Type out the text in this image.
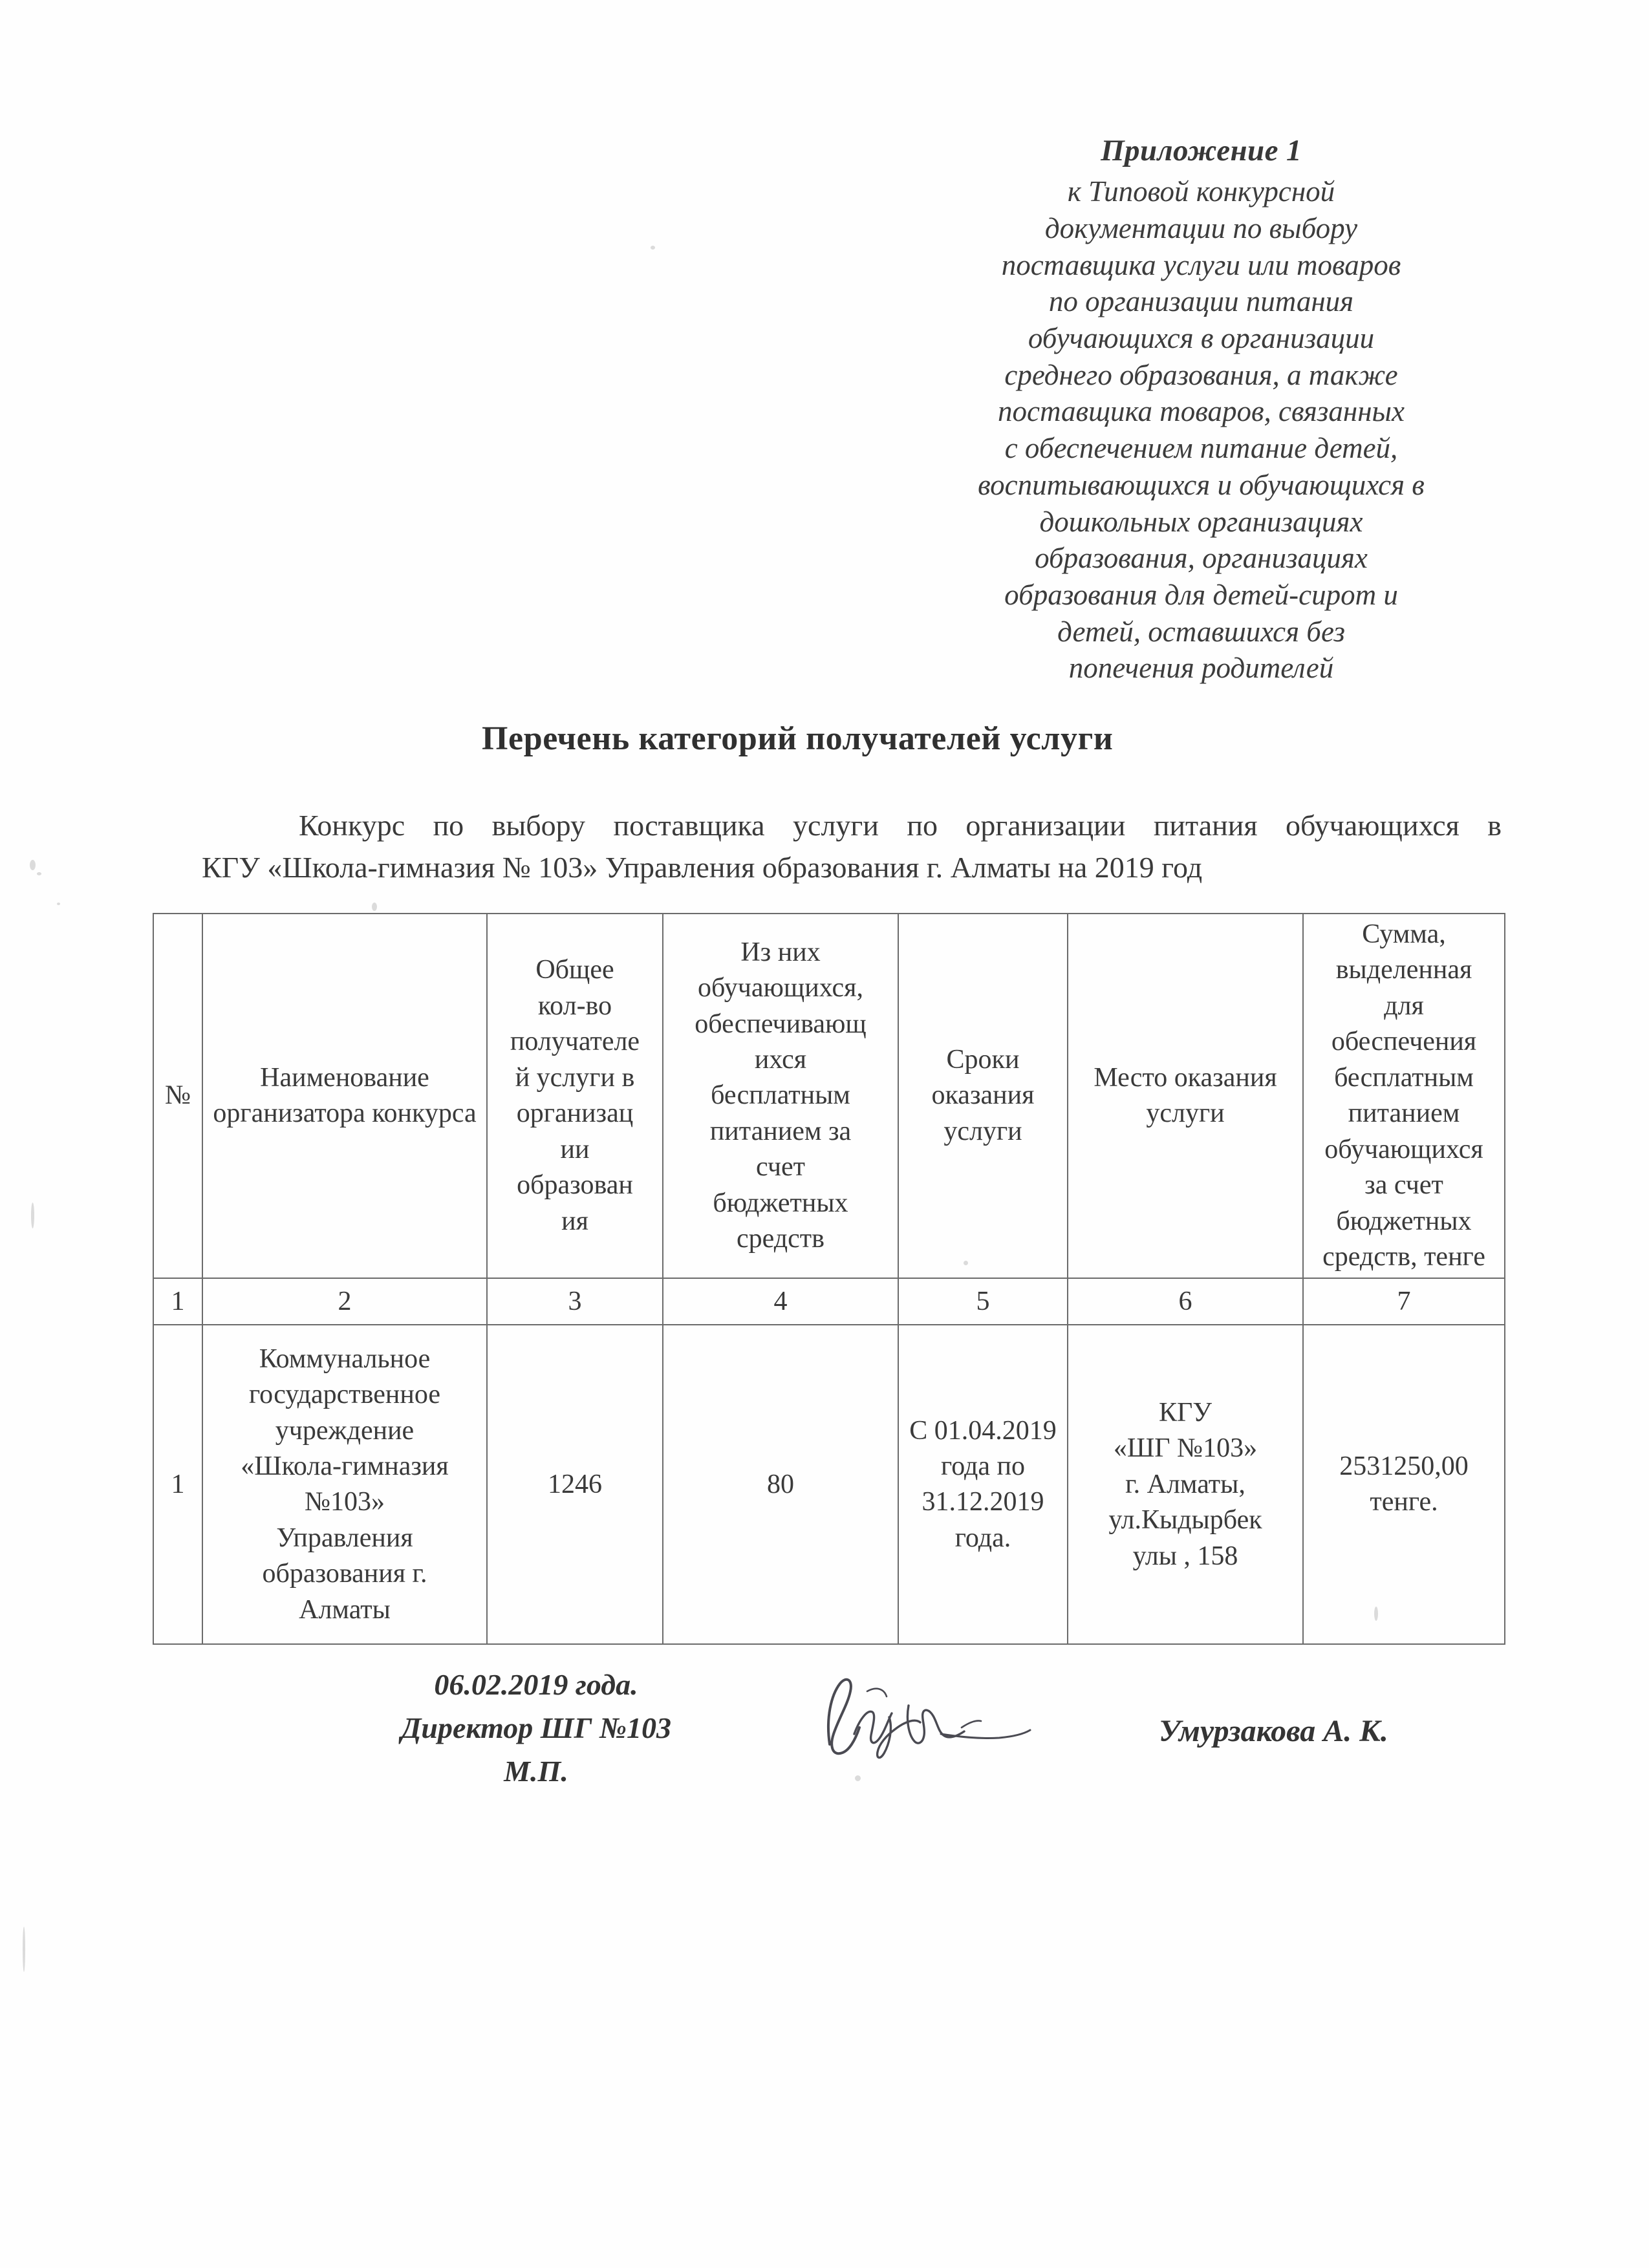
Приложение 1
к Типовой конкурсной
документации по выбору
поставщика услуги или товаров
по организации питания
обучающихся в организации
среднего образования, а также
поставщика товаров, связанных
с обеспечением питание детей,
воспитывающихся и обучающихся в
дошкольных организациях
образования, организациях
образования для детей-сирот и
детей, оставшихся без
попечения родителей
Перечень категорий получателей услуги
Конкурс по выбору поставщика услуги по организации питания обучающихся в
КГУ «Школа-гимназия № 103» Управления образования г. Алматы на 2019 год
№	Наименование организатора конкурса	Общее
кол-во
получателе
й услуги в
организац
ии
образован
ия	Из них
обучающихся,
обеспечивающ
ихся
бесплатным
питанием за
счет
бюджетных
средств	Сроки оказания услуги	Место оказания услуги	Сумма,
выделенная
для
обеспечения
бесплатным
питанием
обучающихся
за счет
бюджетных
средств, тенге
1	2	3	4	5	6	7
1	Коммунальное
государственное
учреждение
«Школа-гимназия
№103»
Управления
образования г.
Алматы	1246	80	С 01.04.2019
года по
31.12.2019
года.	КГУ
«ШГ №103»
г. Алматы,
ул.Кыдырбек
улы , 158	2531250,00
тенге.
06.02.2019 года.
Директор ШГ №103
М.П.
Умурзакова А. К.
